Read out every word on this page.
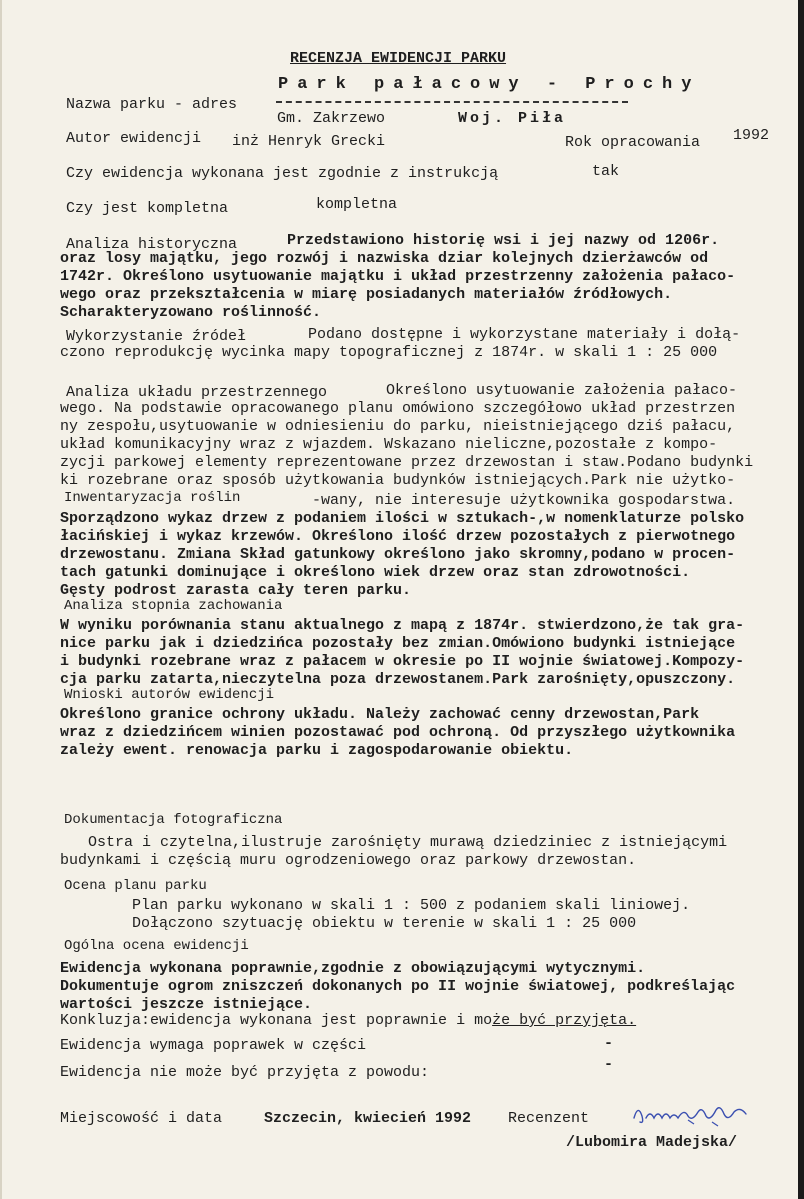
RECENZJA EWIDENCJI PARKU
Park pałacowy - Prochy
Nazwa parku - adres
Gm. Zakrzewo	Woj. Piła
Autor ewidencji inż Henryk Grecki	Rok opracowania 1992
Czy ewidencja wykonana jest zgodnie z instrukcją	tak
Czy jest kompletna	kompletna
Analiza historyczna	Przedstawiono historię wsi i jej nazwy od 1206r.
oraz losy majątku, jego rozwój i nazwiska dziar kolejnych dzierżawców od
1742r. Określono usytuowanie majątku i układ przestrzenny założenia pałaco-
wego oraz przekształcenia w miarę posiadanych materiałów źródłowych.
Scharakteryzowano roślinność.
Wykorzystanie źródeł	Podano dostępne i wykorzystane materiały i dołą-
czono reprodukcję wycinka mapy topograficznej z 1874r. w skali 1 : 25 000
Analiza układu przestrzennego	Określono usytuowanie założenia pałaco-
wego. Na podstawie opracowanego planu omówiono szczegółowo układ przestrzen
ny zespołu,usytuowanie w odniesieniu do parku, nieistniejącego dziś pałacu,
układ komunikacyjny wraz z wjazdem. Wskazano nieliczne,pozostałe z kompo-
zycji parkowej elementy reprezentowane przez drzewostan i staw.Podano budynki
ki rozebrane oraz sposób użytkowania budynków istniejących.Park nie użytko-
Inwentaryzacja roślin	-wany, nie interesuje użytkownika gospodarstwa.
Sporządzono wykaz drzew z podaniem ilości w sztukach-,w nomenklaturze polsko
łacińskiej i wykaz krzewów. Określono ilość drzew pozostałych z pierwotnego
drzewostanu. Zmiana Skład gatunkowy określono jako skromny,podano w procen-
tach gatunki dominujące i określono wiek drzew oraz stan zdrowotności.
Gęsty podrost zarasta cały teren parku.
Analiza stopnia zachowania
W wyniku porównania stanu aktualnego z mapą z 1874r. stwierdzono,że tak gra-
nice parku jak i dziedzińca pozostały bez zmian.Omówiono budynki istniejące
i budynki rozebrane wraz z pałacem w okresie po II wojnie światowej.Kompozy-
cja parku zatarta,nieczytelna poza drzewostanem.Park zarośnięty,opuszczony.
Wnioski autorów ewidencji
Określono granice ochrony układu. Należy zachować cenny drzewostan,Park
wraz z dziedzińcem winien pozostawać pod ochroną. Od przyszłego użytkownika
zależy ewent. renowacja parku i zagospodarowanie obiektu.
Dokumentacja fotograficzna
Ostra i czytelna,ilustruje zarośnięty murawą dziedziniec z istniejącymi
budynkami i częścią muru ogrodzeniowego oraz parkowy drzewostan.
Ocena planu parku
Plan parku wykonano w skali 1 : 500 z podaniem skali liniowej.
Dołączono szytuację obiektu w terenie w skali 1 : 25 000
Ogólna ocena ewidencji
Ewidencja wykonana poprawnie,zgodnie z obowiązującymi wytycznymi.
Dokumentuje ogrom zniszczeń dokonanych po II wojnie światowej, podkreślając
wartości jeszcze istniejące.
Konkluzja:ewidencja wykonana jest poprawnie i może być przyjęta.
Ewidencja wymaga poprawek w części	-
Ewidencja nie może być przyjęta z powodu:	-
Miejscowość i data	Szczecin, kwiecień 1992 Recenzent
/Lubomira Madejska/
